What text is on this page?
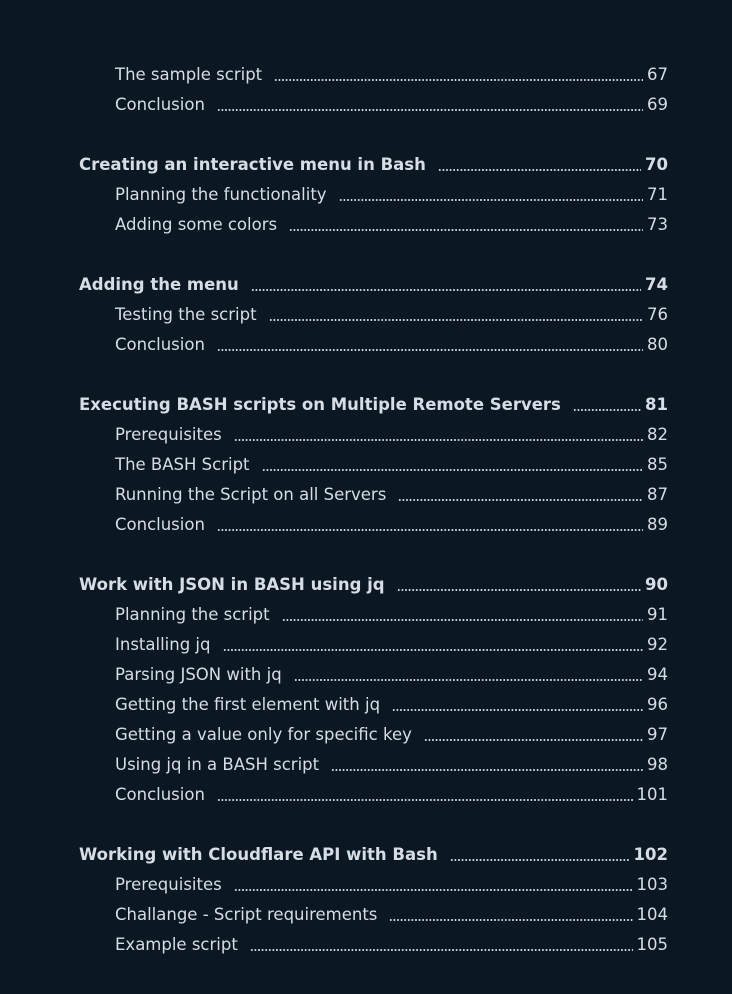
The sample script	67
Conclusion	69
Creating an interactive menu in Bash	70
Planning the functionality	71
Adding some colors	73
Adding the menu	74
Testing the script	76
Conclusion	80
Executing BASH scripts on Multiple Remote Servers	81
Prerequisites	82
The BASH Script	85
Running the Script on all Servers	87
Conclusion	89
Work with JSON in BASH using jq	90
Planning the script	91
Installing jq	92
Parsing JSON with jq	94
Getting the first element with jq	96
Getting a value only for specific key	97
Using jq in a BASH script	98
Conclusion	101
Working with Cloudflare API with Bash	102
Prerequisites	103
Challange - Script requirements	104
Example script	105
